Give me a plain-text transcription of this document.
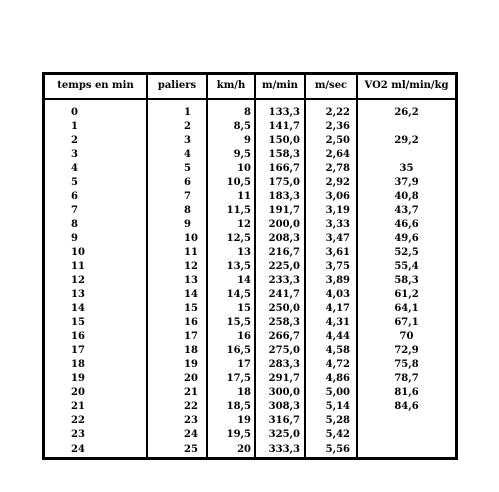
temps en min	paliers	km/h	m/min	m/sec	VO2 ml/min/kg
0	1	8	133,3	2,22	26,2
1	2	8,5	141,7	2,36	
2	3	9	150,0	2,50	29,2
3	4	9,5	158,3	2,64	
4	5	10	166,7	2,78	35
5	6	10,5	175,0	2,92	37,9
6	7	11	183,3	3,06	40,8
7	8	11,5	191,7	3,19	43,7
8	9	12	200,0	3,33	46,6
9	10	12,5	208,3	3,47	49,6
10	11	13	216,7	3,61	52,5
11	12	13,5	225,0	3,75	55,4
12	13	14	233,3	3,89	58,3
13	14	14,5	241,7	4,03	61,2
14	15	15	250,0	4,17	64,1
15	16	15,5	258,3	4,31	67,1
16	17	16	266,7	4,44	70
17	18	16,5	275,0	4,58	72,9
18	19	17	283,3	4,72	75,8
19	20	17,5	291,7	4,86	78,7
20	21	18	300,0	5,00	81,6
21	22	18,5	308,3	5,14	84,6
22	23	19	316,7	5,28	
23	24	19,5	325,0	5,42	
24	25	20	333,3	5,56	
